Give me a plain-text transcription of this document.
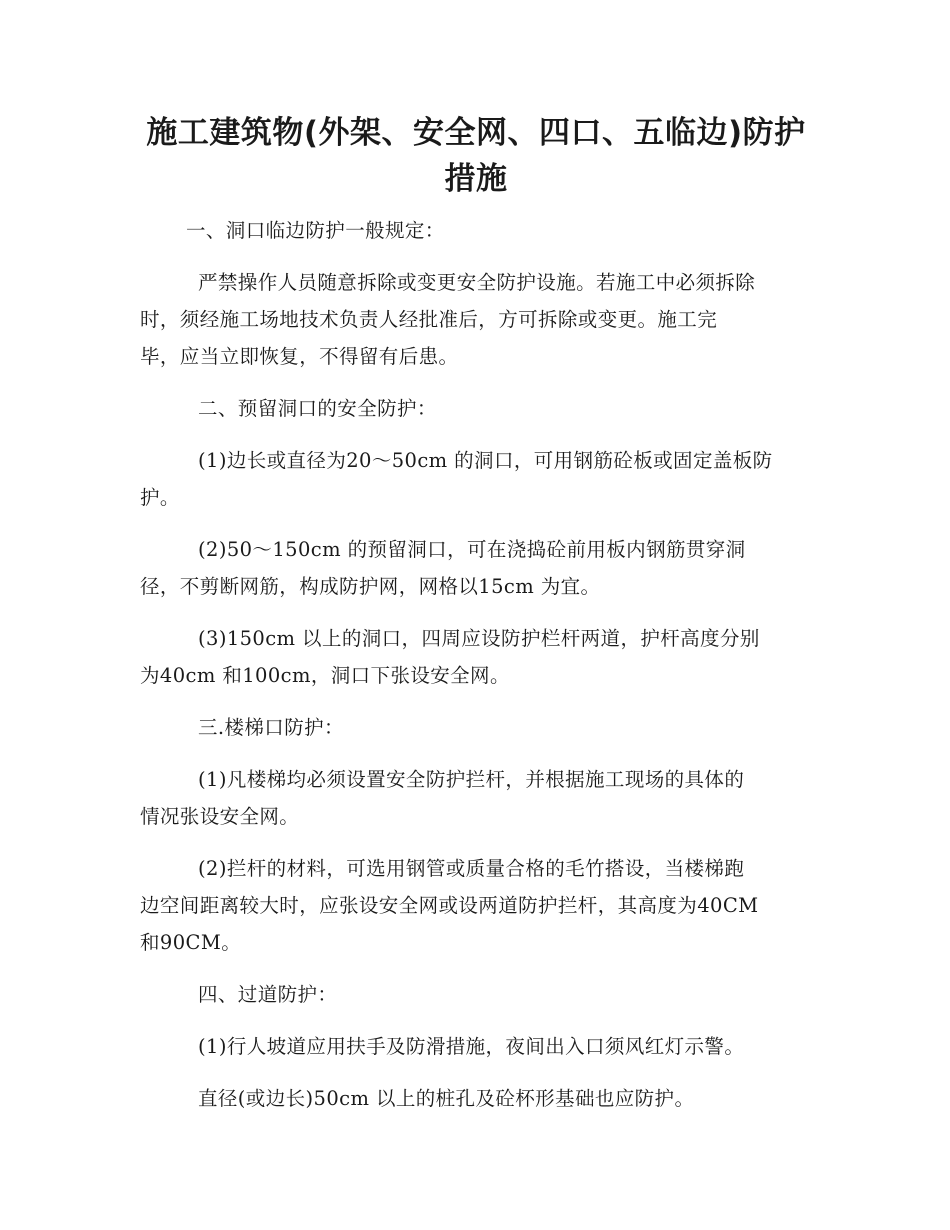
施工建筑物(外架、安全网、四口、五临边)防护
措施
一、洞口临边防护一般规定：
严禁操作人员随意拆除或变更安全防护设施。若施工中必须拆除
时，须经施工场地技术负责人经批准后，方可拆除或变更。施工完
毕，应当立即恢复，不得留有后患。
二、预留洞口的安全防护：
(1)边长或直径为20～50cm 的洞口，可用钢筋砼板或固定盖板防
护。
(2)50～150cm 的预留洞口，可在浇捣砼前用板内钢筋贯穿洞
径，不剪断网筋，构成防护网，网格以15cm 为宜。
(3)150cm 以上的洞口，四周应设防护栏杆两道，护杆高度分别
为40cm 和100cm，洞口下张设安全网。
三.楼梯口防护：
(1)凡楼梯均必须设置安全防护拦杆，并根据施工现场的具体的
情况张设安全网。
(2)拦杆的材料，可选用钢管或质量合格的毛竹搭设，当楼梯跑
边空间距离较大时，应张设安全网或设两道防护拦杆，其高度为40CM
和90CM。
四、过道防护：
(1)行人坡道应用扶手及防滑措施，夜间出入口须风红灯示警。
直径(或边长)50cm 以上的桩孔及砼杯形基础也应防护。
